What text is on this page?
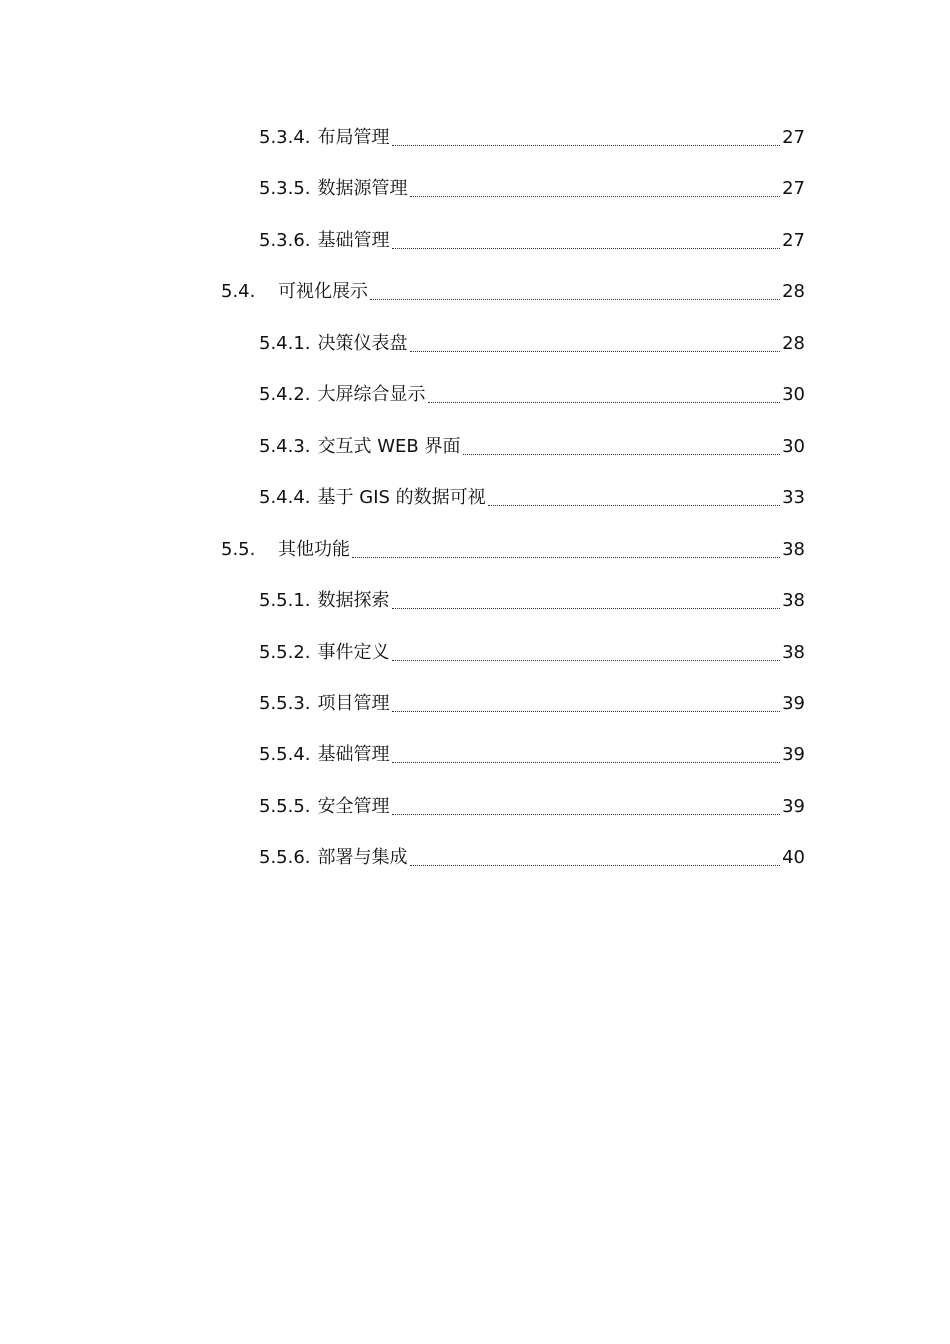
5.3.4. 布局管理	27
5.3.5. 数据源管理	27
5.3.6. 基础管理	27
5.4.	可视化展示	28
5.4.1. 决策仪表盘	28
5.4.2. 大屏综合显示	30
5.4.3. 交互式 WEB 界面	30
5.4.4. 基于 GIS 的数据可视	33
5.5.	其他功能	38
5.5.1. 数据探索	38
5.5.2. 事件定义	38
5.5.3. 项目管理	39
5.5.4. 基础管理	39
5.5.5. 安全管理	39
5.5.6. 部署与集成	40
